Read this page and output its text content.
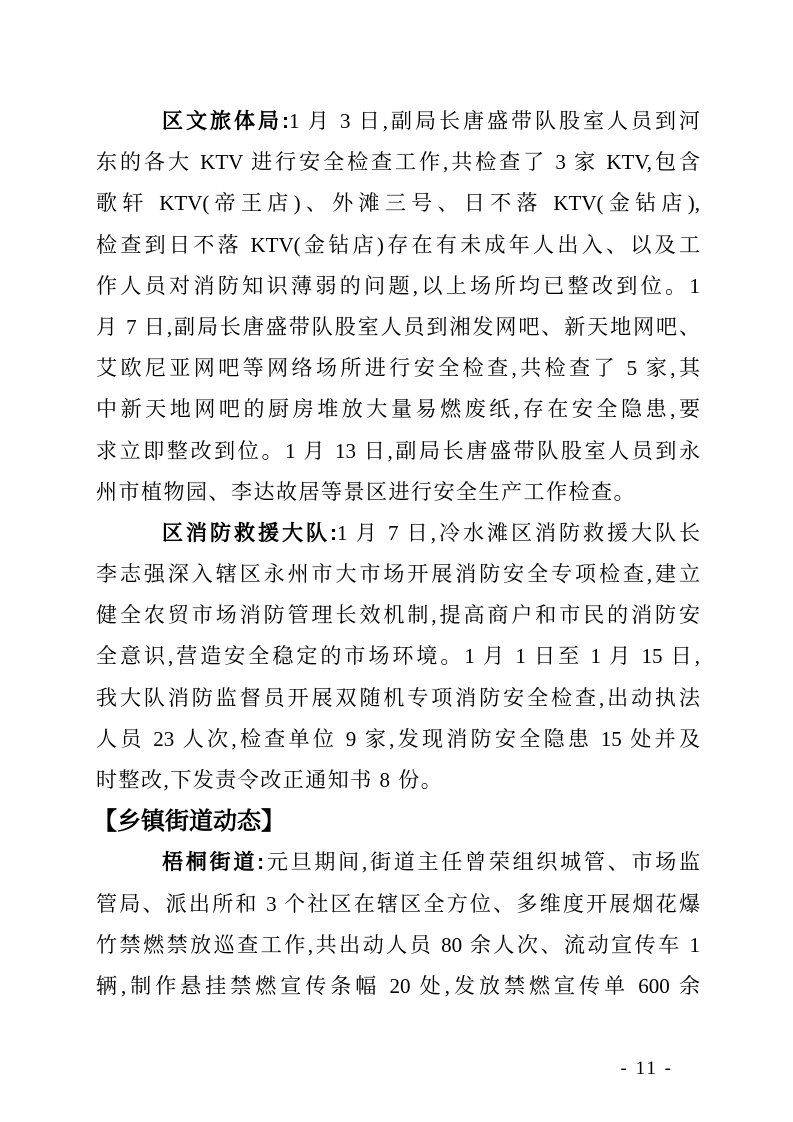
区文旅体局:1 月 3 日,副局长唐盛带队股室人员到河
东的各大 KTV 进行安全检查工作,共检查了 3 家 KTV,包含
歌轩 KTV(帝王店)、外滩三号、日不落 KTV(金钻店),
检查到日不落 KTV(金钻店)存在有未成年人出入、以及工
作人员对消防知识薄弱的问题,以上场所均已整改到位。1
月 7 日,副局长唐盛带队股室人员到湘发网吧、新天地网吧、
艾欧尼亚网吧等网络场所进行安全检查,共检查了 5 家,其
中新天地网吧的厨房堆放大量易燃废纸,存在安全隐患,要
求立即整改到位。1 月 13 日,副局长唐盛带队股室人员到永
州市植物园、李达故居等景区进行安全生产工作检查。
区消防救援大队:1 月 7 日,冷水滩区消防救援大队长
李志强深入辖区永州市大市场开展消防安全专项检查,建立
健全农贸市场消防管理长效机制,提高商户和市民的消防安
全意识,营造安全稳定的市场环境。1 月 1 日至 1 月 15 日,
我大队消防监督员开展双随机专项消防安全检查,出动执法
人员 23 人次,检查单位 9 家,发现消防安全隐患 15 处并及
时整改,下发责令改正通知书 8 份。
【乡镇街道动态】
梧桐街道:元旦期间,街道主任曾荣组织城管、市场监
管局、派出所和 3 个社区在辖区全方位、多维度开展烟花爆
竹禁燃禁放巡查工作,共出动人员 80 余人次、流动宣传车 1
辆,制作悬挂禁燃宣传条幅 20 处,发放禁燃宣传单 600 余
- 11 -
